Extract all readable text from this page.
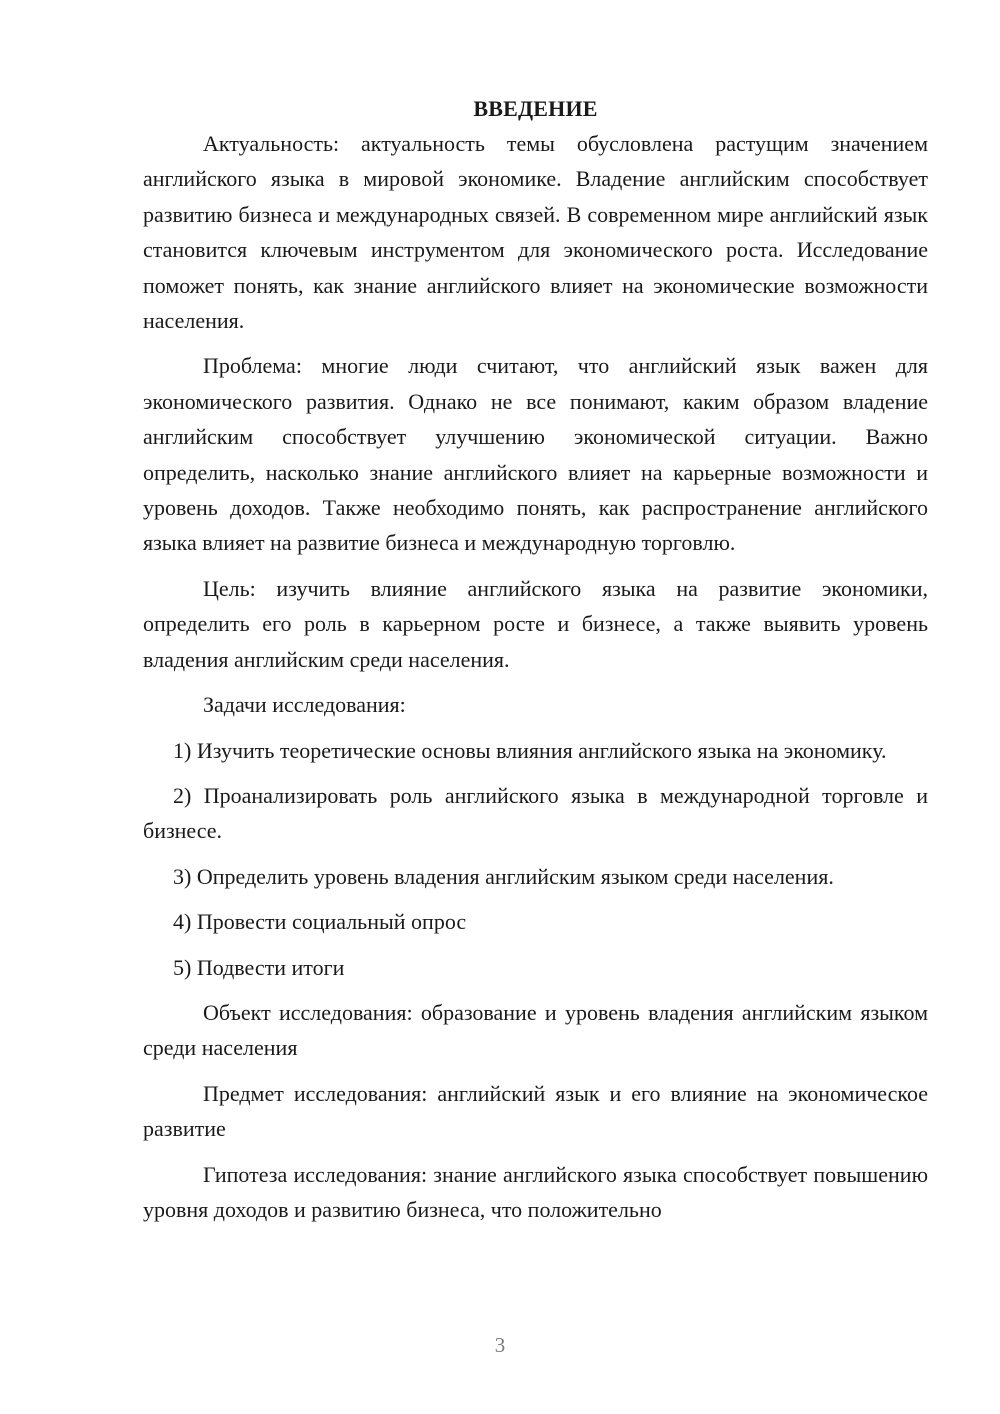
ВВЕДЕНИЕ

Актуальность: актуальность темы обусловлена растущим значением английского языка в мировой экономике. Владение английским способствует развитию бизнеса и международных связей. В современном мире английский язык становится ключевым инструментом для экономического роста. Исследование поможет понять, как знание английского влияет на экономические возможности населения.

Проблема: многие люди считают, что английский язык важен для экономического развития. Однако не все понимают, каким образом владение английским способствует улучшению экономической ситуации. Важно определить, насколько знание английского влияет на карьерные возможности и уровень доходов. Также необходимо понять, как распространение английского языка влияет на развитие бизнеса и международную торговлю.

Цель: изучить влияние английского языка на развитие экономики, определить его роль в карьерном росте и бизнесе, а также выявить уровень владения английским среди населения.

Задачи исследования:

1) Изучить теоретические основы влияния английского языка на экономику.

2) Проанализировать роль английского языка в международной торговле и бизнесе.

3) Определить уровень владения английским языком среди населения.

4) Провести социальный опрос

5) Подвести итоги

Объект исследования: образование и уровень владения английским языком среди населения

Предмет исследования: английский язык и его влияние на экономическое развитие

Гипотеза исследования: знание английского языка способствует повышению уровня доходов и развитию бизнеса, что положительно

3
